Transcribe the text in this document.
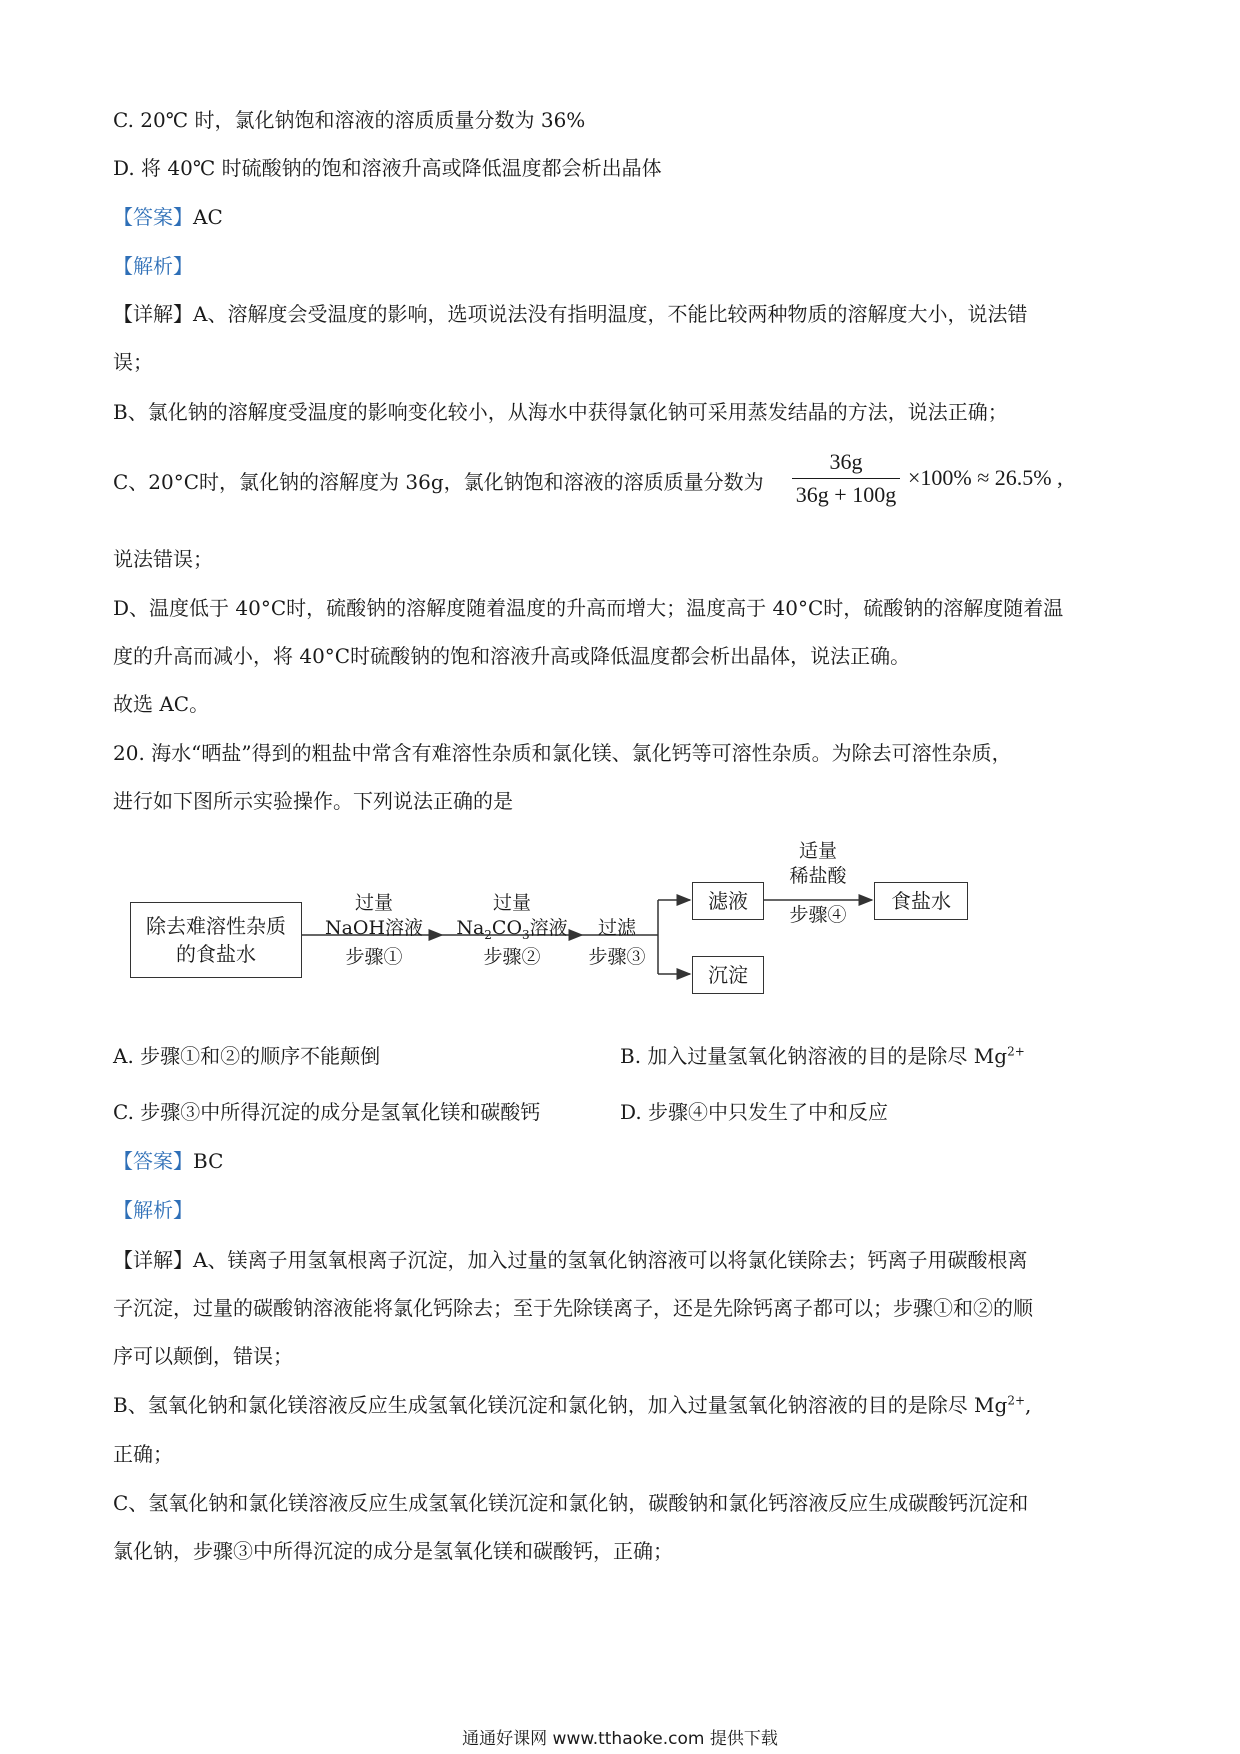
C. 20℃ 时，氯化钠饱和溶液的溶质质量分数为 36%
D. 将 40℃ 时硫酸钠的饱和溶液升高或降低温度都会析出晶体
【答案】AC
【解析】
【详解】A、溶解度会受温度的影响，选项说法没有指明温度，不能比较两种物质的溶解度大小，说法错
误；
B、氯化钠的溶解度受温度的影响变化较小，从海水中获得氯化钠可采用蒸发结晶的方法，说法正确；
C、20°C时，氯化钠的溶解度为 36g，氯化钠饱和溶液的溶质质量分数为
36g
36g + 100g
×100% ≈ 26.5% ,
说法错误；
D、温度低于 40°C时，硫酸钠的溶解度随着温度的升高而增大；温度高于 40°C时，硫酸钠的溶解度随着温
度的升高而减小，将 40°C时硫酸钠的饱和溶液升高或降低温度都会析出晶体，说法正确。
故选 AC。
20. 海水“晒盐”得到的粗盐中常含有难溶性杂质和氯化镁、氯化钙等可溶性杂质。为除去可溶性杂质，
进行如下图所示实验操作。下列说法正确的是
除去难溶性杂质
的食盐水
过量
NaOH溶液
步骤①
过量
$Na_2CO_3$溶液
步骤②
过滤
步骤③
滤液
沉淀
适量
稀盐酸
步骤④
食盐水
A. 步骤①和②的顺序不能颠倒	B. 加入过量氢氧化钠溶液的目的是除尽 $Mg^{2+}$
C. 步骤③中所得沉淀的成分是氢氧化镁和碳酸钙	D. 步骤④中只发生了中和反应
【答案】BC
【解析】
【详解】A、镁离子用氢氧根离子沉淀，加入过量的氢氧化钠溶液可以将氯化镁除去；钙离子用碳酸根离
子沉淀，过量的碳酸钠溶液能将氯化钙除去；至于先除镁离子，还是先除钙离子都可以；步骤①和②的顺
序可以颠倒，错误；
B、氢氧化钠和氯化镁溶液反应生成氢氧化镁沉淀和氯化钠，加入过量氢氧化钠溶液的目的是除尽 $Mg^{2+}$,
正确；
C、氢氧化钠和氯化镁溶液反应生成氢氧化镁沉淀和氯化钠，碳酸钠和氯化钙溶液反应生成碳酸钙沉淀和
氯化钠，步骤③中所得沉淀的成分是氢氧化镁和碳酸钙，正确；
通通好课网 www.tthaoke.com 提供下载
